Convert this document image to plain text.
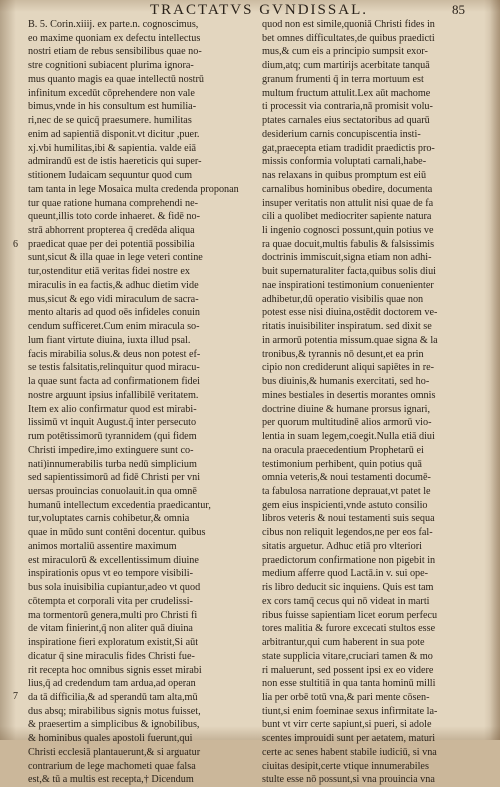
TRACTATVS GVNDISSAL.	85
6
7
B. 5. Corin.xiiij. ex parte.n. cognoscimus,
eo maxime quoniam ex defectu intellectus
nostri etiam de rebus sensibilibus quae no-
stre cognitioni subiacent plurima ignora-
mus quanto magis ea quae intellectū nostrū
infinitum excedūt cōprehendere non vale
bimus,vnde in his consultum est humilia-
ri,nec de se quicq̄ praesumere. humilitas
enim ad sapientiā disponit.vt dicitur ,puer.
xj.vbi humilitas,ibi & sapientia. valde eiā
admirandū est de istis haereticis qui super-
stitionem Iudaicam sequuntur quod cum
tam tanta in lege Mosaica multa credenda proponan
tur quae ratione humana comprehendi ne-
queunt,illis toto corde inhaeret. & fidē no-
strā abhorrent propterea q̄ credēda aliqua
praedicat quae per dei potentiā possibilia
sunt,sicut & illa quae in lege veteri contine
tur,ostenditur etiā veritas fidei nostre ex
miraculis in ea factis,& adhuc dietim vide
mus,sicut & ego vidi miraculum de sacra-
mento altaris ad quod oēs infideles conuin
cendum sufficeret.Cum enim miracula so-
lum fiant virtute diuina, iuxta illud psal.
facis mirabilia solus.& deus non potest ef-
se testis falsitatis,relinquitur quod miracu-
la quae sunt facta ad confirmationem fidei
nostre arguunt ipsius infallibilē veritatem.
Item ex alio confirmatur quod est mirabi-
lissimū vt inquit August.q̄ inter persecuto
rum potētissimorū tyrannidem (qui fidem
Christi impedire,imo extinguere sunt co-
nati)innumerabilis turba nedū simplicium
sed sapientissimorū ad fidē Christi per vni
uersas prouincias conuolauit.in qua omnē
humanū intellectum excedentia praedicantur,
tur,voluptates carnis cohibetur,& omnia
quae in mūdo sunt contēni docentur. quibus
animos mortaliū assentire maximum
est miraculorū & excellentissimum diuine
inspirationis opus vt eo tempore visibili-
bus sola inuisibilia cupiantur,adeo vt quod
cōtempta et corporali vita per crudelissi-
ma tormentorū genera,multi pro Christi fi
de vitam finierint,q̄ non aliter quā diuina
inspiratione fieri exploratum existit,Si aūt
dicatur q̄ sine miraculis fides Christi fue-
rit recepta hoc omnibus signis esset mirabi
lius,q̄ ad credendum tam ardua,ad operan
da tā difficilia,& ad sperandū tam alta,mū
dus absq; mirabilibus signis motus fuisset,
& praesertim a simplicibus & ignobilibus,
& hominibus quales apostoli fuerunt,qui
Christi ecclesiā plantauerunt,& si arguatur
contrarium de lege machometi quae falsa
est,& tū a multis est recepta,† Dicendum
quod non est simile,quoniā Christi fides in
bet omnes difficultates,de quibus praedicti
mus,& cum eis a principio sumpsit exor-
dium,atq; cum martirijs acerbitate tanquā
granum frumenti q̄ in terra mortuum est
multum fructum attulit.Lex aūt machome
ti processit via contraria,nā promisit volu-
ptates carnales eius sectatoribus ad quarū
desiderium carnis concupiscentia insti-
gat,praecepta etiam tradidit praedictis pro-
missis conformia voluptati carnali,habe-
nas relaxans in quibus promptum est eiū
carnalibus hominibus obedire, documenta
insuper veritatis non attulit nisi quae de fa
cili a quolibet mediocriter sapiente natura
li ingenio cognosci possunt,quin potius ve
ra quae docuit,multis fabulis & falsissimis
doctrinis immiscuit,signa etiam non adhi-
buit supernaturaliter facta,quibus solis diui
nae inspirationi testimonium conuenienter
adhibetur,dū operatio visibilis quae non
potest esse nisi diuina,ostēdit doctorem ve-
ritatis inuisibiliter inspiratum. sed dixit se
in armorū potentia missum.quae signa & la
tronibus,& tyrannis nō desunt,et ea prin
cipio non crediderunt aliqui sapiētes in re-
bus diuinis,& humanis exercitati, sed ho-
mines bestiales in desertis morantes omnis
doctrine diuine & humane prorsus ignari,
per quorum multitudinē alios armorū vio-
lentia in suam legem,coegit.Nulla etiā diui
na oracula praecedentium Prophetarū ei
testimonium perhibent, quin potius quā
omnia veteris,& noui testamenti documē-
ta fabulosa narratione deprauat,vt patet le
gem eius inspicienti,vnde astuto consilio
libros veteris & noui testamenti suis sequa
cibus non reliquit legendos,ne per eos fal-
sitatis arguetur. Adhuc etiā pro vlteriori
praedictorum confirmatione non pigebit in
medium afferre quod Lactā.in v. sui ope-
ris libro deducit sic inquiens. Quis est tam
ex cors tamq̄ cecus qui nō videat in marti
ribus fuisse sapientiam licet eorum perfecu
tores malitia & furore excecati stultos esse
arbitrantur,qui cum haberent in sua pote
state supplicia vitare,cruciari tamen & mo
ri maluerunt, sed possent ipsi ex eo videre
non esse stultitiā in qua tanta hominū milli
lia per orbē totū vna,& pari mente cōsen-
tiunt,si enim foeminae sexus infirmitate la-
bunt vt virr certe sapiunt,si pueri, si adole
scentes improuidi sunt per aetatem, maturi
certe ac senes habent stabile iudiciū, si vna
ciuitas desipit,certe vtique innumerabiles
stulte esse nō possunt,si vna prouincia vna
